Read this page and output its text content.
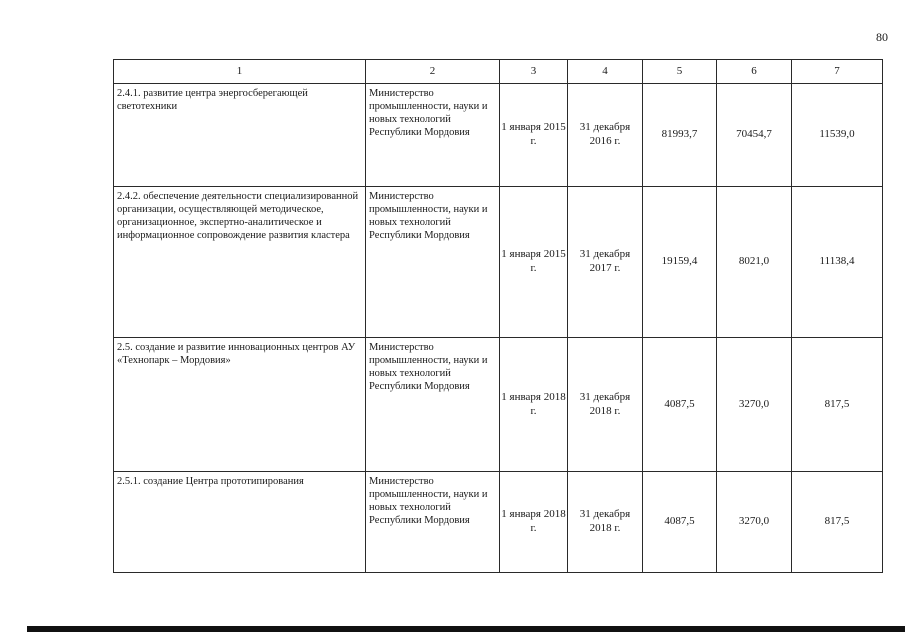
80
1	2	3	4	5	6	7
2.4.1. развитие центра энергосберегающей светотехники	Министерство промышленности, науки и новых технологий Республики Мордовия	1 января 2015 г.	31 декабря 2016 г.	81993,7	70454,7	11539,0
2.4.2. обеспечение деятельности специализированной организации, осуществляющей методическое, организационное, экспертно-аналитическое и информационное сопровождение развития кластера	Министерство промышленности, науки и новых технологий Республики Мордовия	1 января 2015 г.	31 декабря 2017 г.	19159,4	8021,0	11138,4
2.5. создание и развитие инновационных центров АУ «Технопарк – Мордовия»	Министерство промышленности, науки и новых технологий Республики Мордовия	1 января 2018 г.	31 декабря 2018 г.	4087,5	3270,0	817,5
2.5.1. создание Центра прототипирования	Министерство промышленности, науки и новых технологий Республики Мордовия	1 января 2018 г.	31 декабря 2018 г.	4087,5	3270,0	817,5
